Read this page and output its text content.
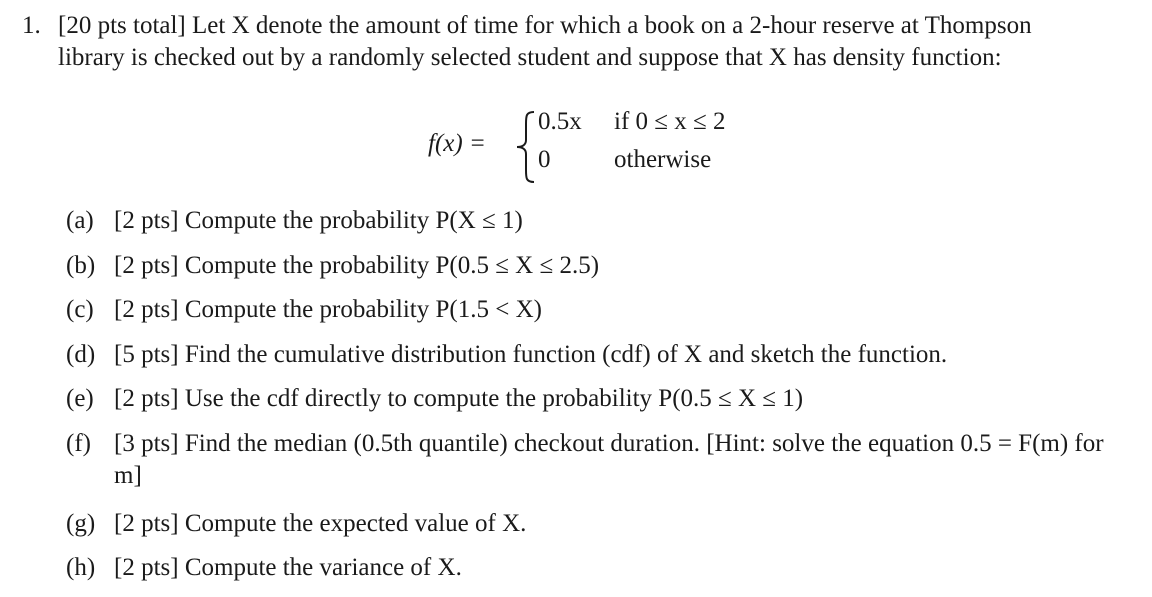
1. [20 pts total] Let X denote the amount of time for which a book on a 2-hour reserve at Thompson
library is checked out by a randomly selected student and suppose that X has density function:
f(x) =
0.5x if 0 ≤ x ≤ 2
0	otherwise
(a) [2 pts] Compute the probability P(X ≤ 1)
(b) [2 pts] Compute the probability P(0.5 ≤ X ≤ 2.5)
(c) [2 pts] Compute the probability P(1.5 < X)
(d) [5 pts] Find the cumulative distribution function (cdf) of X and sketch the function.
(e) [2 pts] Use the cdf directly to compute the probability P(0.5 ≤ X ≤ 1)
(f) [3 pts] Find the median (0.5th quantile) checkout duration. [Hint: solve the equation 0.5 = F(m) for m]
(g) [2 pts] Compute the expected value of X.
(h) [2 pts] Compute the variance of X.
